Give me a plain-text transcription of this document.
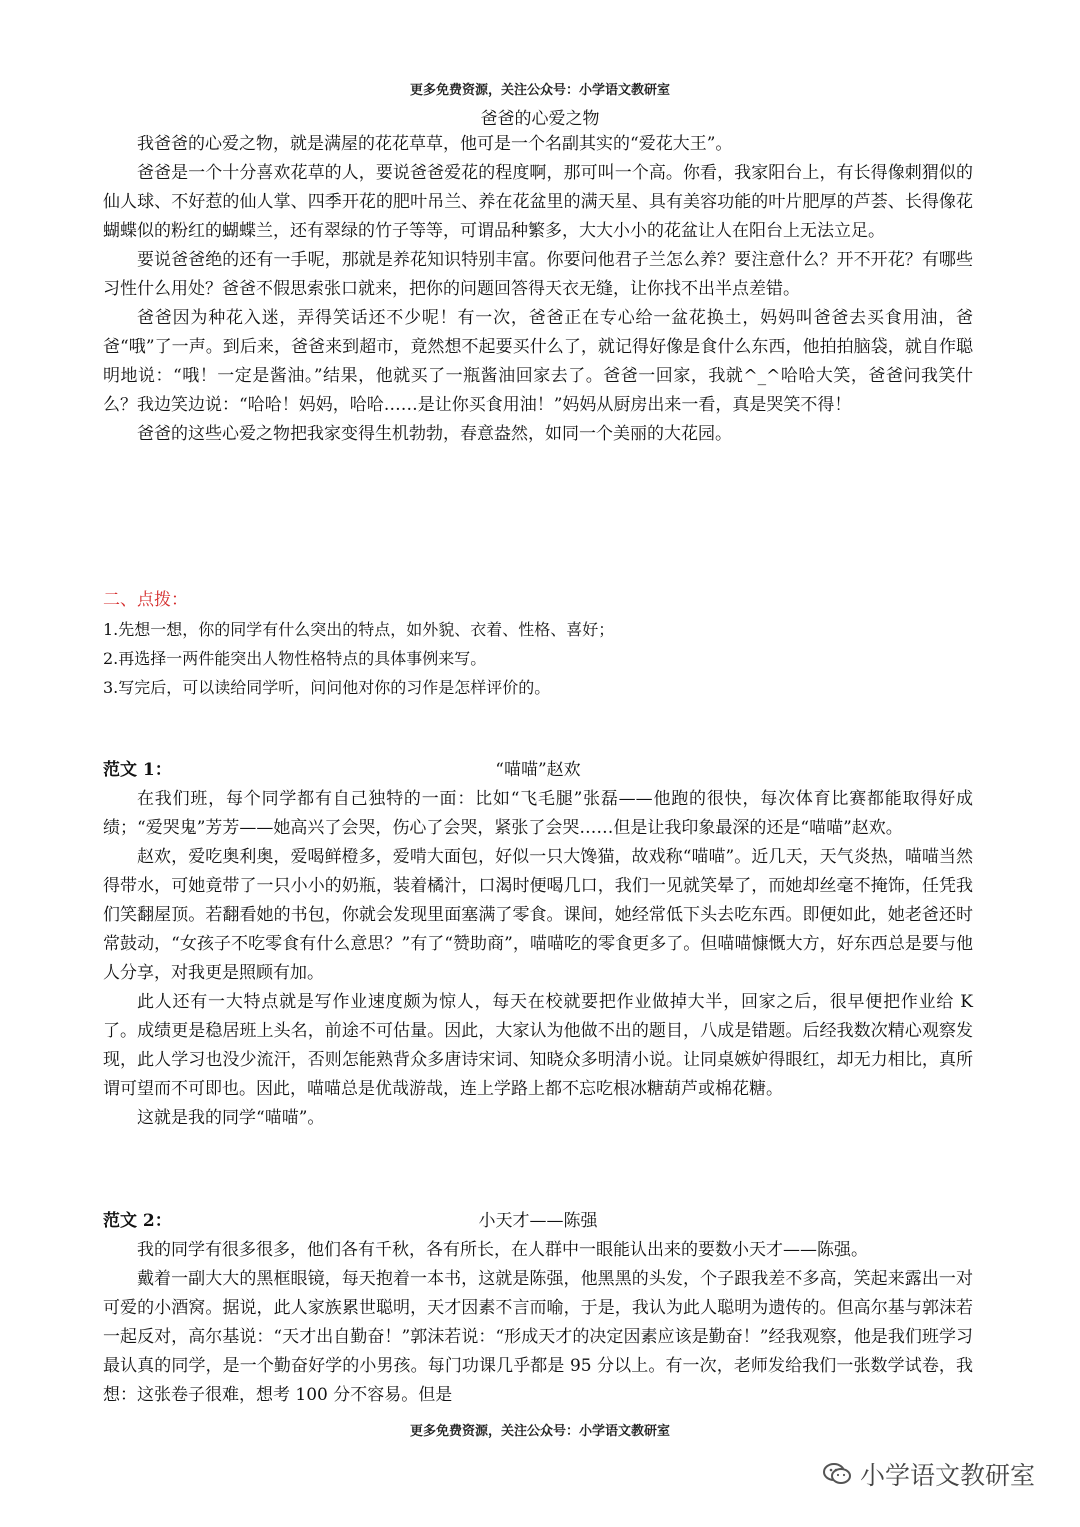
更多免费资源，关注公众号：小学语文教研室
爸爸的心爱之物

我爸爸的心爱之物，就是满屋的花花草草，他可是一个名副其实的“爱花大王”。

爸爸是一个十分喜欢花草的人，要说爸爸爱花的程度啊，那可叫一个高。你看，我家阳台上，有长得像刺猬似的仙人球、不好惹的仙人掌、四季开花的肥叶吊兰、养在花盆里的满天星、具有美容功能的叶片肥厚的芦荟、长得像花蝴蝶似的粉红的蝴蝶兰，还有翠绿的竹子等等，可谓品种繁多，大大小小的花盆让人在阳台上无法立足。

要说爸爸绝的还有一手呢，那就是养花知识特别丰富。你要问他君子兰怎么养？要注意什么？开不开花？有哪些习性什么用处？爸爸不假思索张口就来，把你的问题回答得天衣无缝，让你找不出半点差错。

爸爸因为种花入迷，弄得笑话还不少呢！有一次，爸爸正在专心给一盆花换土，妈妈叫爸爸去买食用油，爸爸“哦”了一声。到后来，爸爸来到超市，竟然想不起要买什么了，就记得好像是食什么东西，他拍拍脑袋，就自作聪明地说：“哦！一定是酱油。”结果，他就买了一瓶酱油回家去了。爸爸一回家，我就^_^哈哈大笑，爸爸问我笑什么？我边笑边说：“哈哈！妈妈，哈哈……是让你买食用油！”妈妈从厨房出来一看，真是哭笑不得！

爸爸的这些心爱之物把我家变得生机勃勃，春意盎然，如同一个美丽的大花园。

二、点拨：
1.先想一想，你的同学有什么突出的特点，如外貌、衣着、性格、喜好；
2.再选择一两件能突出人物性格特点的具体事例来写。
3.写完后，可以读给同学听，问问他对你的习作是怎样评价的。
“喵喵”赵欢
范文 1：

在我们班，每个同学都有自己独特的一面：比如“飞毛腿”张磊——他跑的很快，每次体育比赛都能取得好成绩；“爱哭鬼”芳芳——她高兴了会哭，伤心了会哭，紧张了会哭……但是让我印象最深的还是“喵喵”赵欢。

赵欢，爱吃奥利奥，爱喝鲜橙多，爱啃大面包，好似一只大馋猫，故戏称“喵喵”。近几天，天气炎热，喵喵当然得带水，可她竟带了一只小小的奶瓶，装着橘汁，口渴时便喝几口，我们一见就笑晕了，而她却丝毫不掩饰，任凭我们笑翻屋顶。若翻看她的书包，你就会发现里面塞满了零食。课间，她经常低下头去吃东西。即便如此，她老爸还时常鼓动，“女孩子不吃零食有什么意思？”有了“赞助商”，喵喵吃的零食更多了。但喵喵慷慨大方，好东西总是要与他人分享，对我更是照顾有加。

此人还有一大特点就是写作业速度颇为惊人，每天在校就要把作业做掉大半，回家之后，很早便把作业给 K 了。成绩更是稳居班上头名，前途不可估量。因此，大家认为他做不出的题目，八成是错题。后经我数次精心观察发现，此人学习也没少流汗，否则怎能熟背众多唐诗宋词、知晓众多明清小说。让同桌嫉妒得眼红，却无力相比，真所谓可望而不可即也。因此，喵喵总是优哉游哉，连上学路上都不忘吃根冰糖葫芦或棉花糖。

这就是我的同学“喵喵”。

小天才——陈强
范文 2：

我的同学有很多很多，他们各有千秋，各有所长，在人群中一眼能认出来的要数小天才——陈强。

戴着一副大大的黑框眼镜，每天抱着一本书，这就是陈强，他黑黑的头发，个子跟我差不多高，笑起来露出一对可爱的小酒窝。据说，此人家族累世聪明，天才因素不言而喻，于是，我认为此人聪明为遗传的。但高尔基与郭沫若一起反对，高尔基说：“天才出自勤奋！”郭沫若说：“形成天才的决定因素应该是勤奋！”经我观察，他是我们班学习最认真的同学，是一个勤奋好学的小男孩。每门功课几乎都是 95 分以上。有一次，老师发给我们一张数学试卷，我想：这张卷子很难，想考 100 分不容易。但是

更多免费资源，关注公众号：小学语文教研室
小学语文教研室
